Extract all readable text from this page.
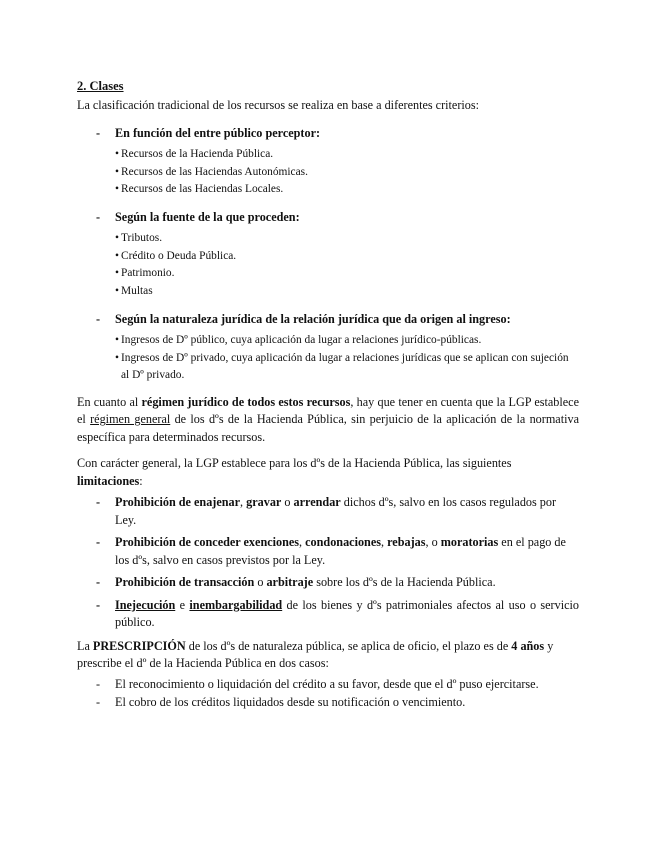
2. Clases

La clasificación tradicional de los recursos se realiza en base a diferentes criterios:

- En función del entre público perceptor:
• Recursos de la Hacienda Pública.
• Recursos de las Haciendas Autonómicas.
• Recursos de las Haciendas Locales.
- Según la fuente de la que proceden:
• Tributos.
• Crédito o Deuda Pública.
• Patrimonio.
• Multas
- Según la naturaleza jurídica de la relación jurídica que da origen al ingreso:
• Ingresos de Dº público, cuya aplicación da lugar a relaciones jurídico-públicas.
• Ingresos de Dº privado, cuya aplicación da lugar a relaciones jurídicas que se aplican con sujeción al Dº privado.

En cuanto al régimen jurídico de todos estos recursos, hay que tener en cuenta que la LGP establece el régimen general de los dºs de la Hacienda Pública, sin perjuicio de la aplicación de la normativa específica para determinados recursos.

Con carácter general, la LGP establece para los dºs de la Hacienda Pública, las siguientes limitaciones:

- Prohibición de enajenar, gravar o arrendar dichos dºs, salvo en los casos regulados por Ley.
- Prohibición de conceder exenciones, condonaciones, rebajas, o moratorias en el pago de los dºs, salvo en casos previstos por la Ley.
- Prohibición de transacción o arbitraje sobre los dºs de la Hacienda Pública.
- Inejecución e inembargabilidad de los bienes y dºs patrimoniales afectos al uso o servicio público.

La PRESCRIPCIÓN de los dºs de naturaleza pública, se aplica de oficio, el plazo es de 4 años y prescribe el dº de la Hacienda Pública en dos casos:

- El reconocimiento o liquidación del crédito a su favor, desde que el dº puso ejercitarse.
- El cobro de los créditos liquidados desde su notificación o vencimiento.
